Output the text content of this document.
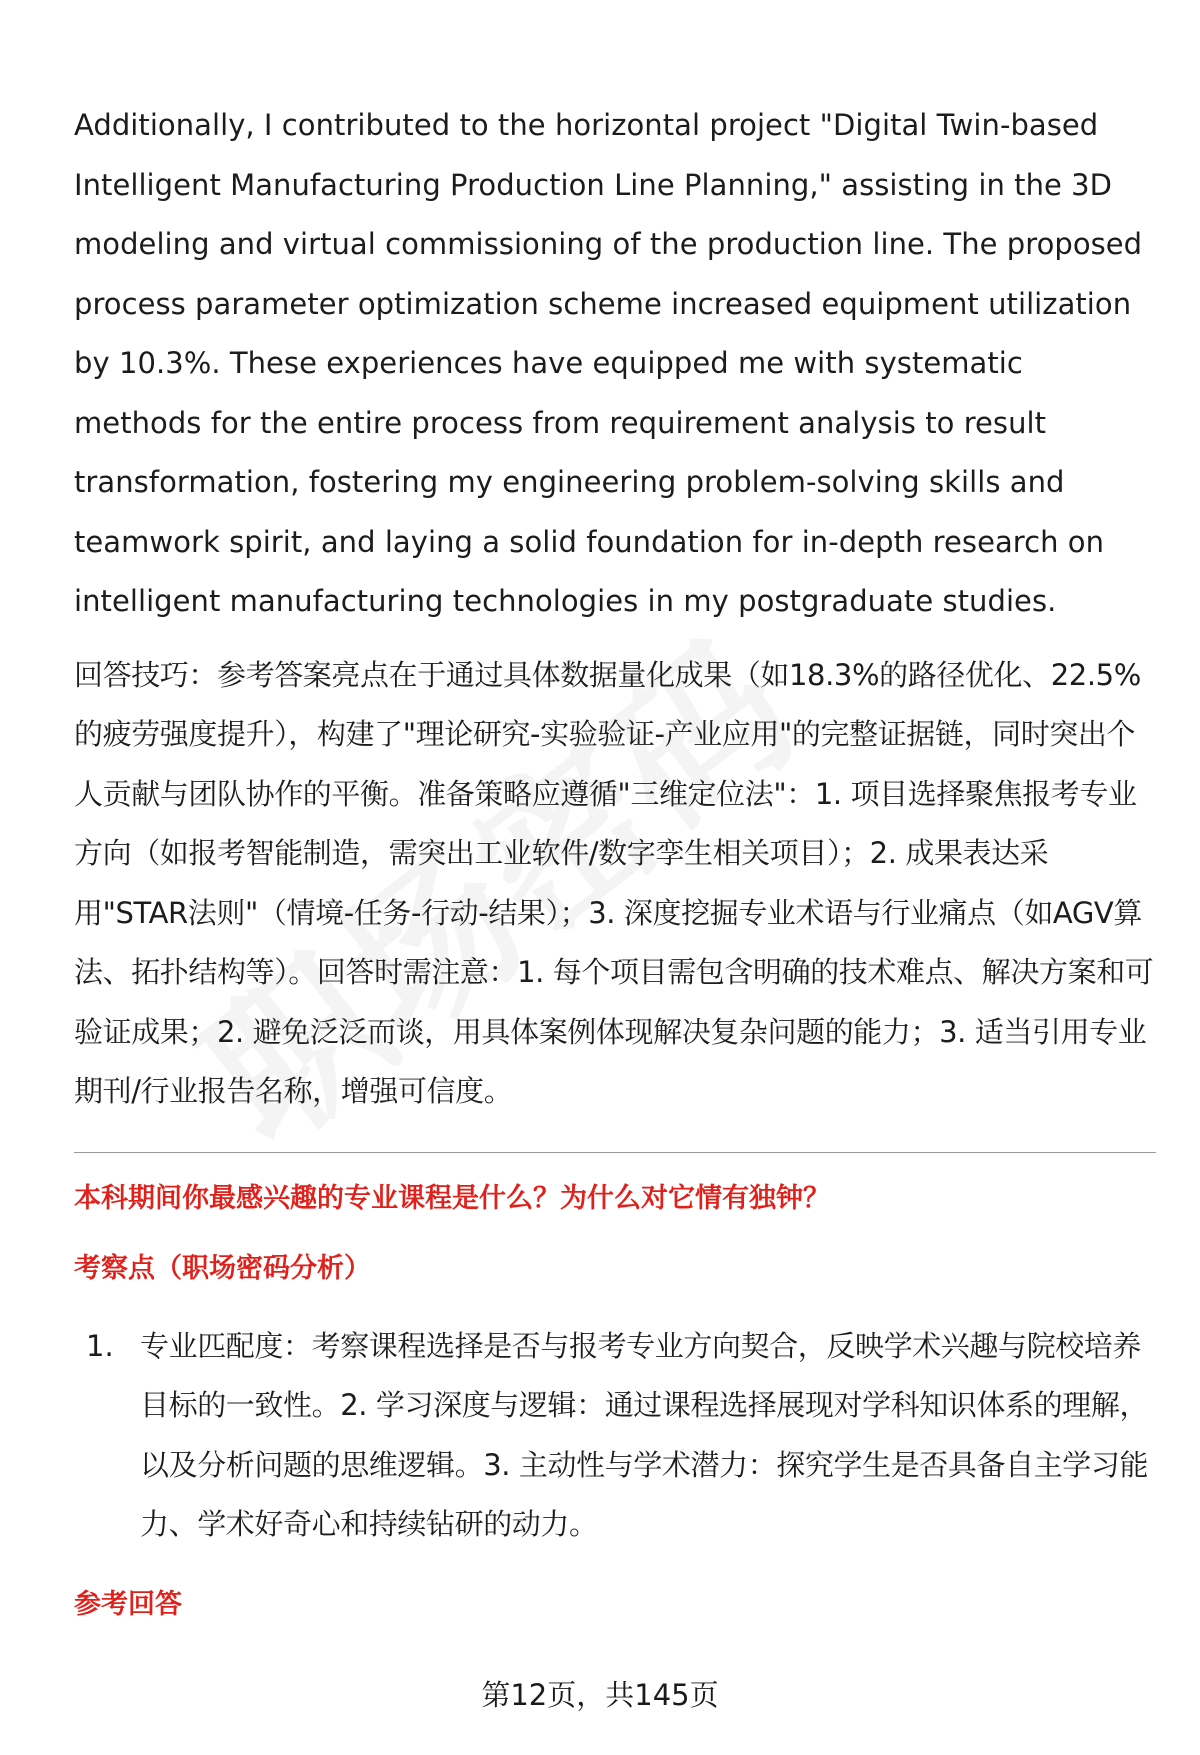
Additionally, I contributed to the horizontal project "Digital Twin-based Intelligent Manufacturing Production Line Planning," assisting in the 3D modeling and virtual commissioning of the production line. The proposed process parameter optimization scheme increased equipment utilization by 10.3%. These experiences have equipped me with systematic methods for the entire process from requirement analysis to result transformation, fostering my engineering problem-solving skills and teamwork spirit, and laying a solid foundation for in-depth research on intelligent manufacturing technologies in my postgraduate studies.

回答技巧：参考答案亮点在于通过具体数据量化成果（如18.3%的路径优化、22.5%的疲劳强度提升），构建了"理论研究-实验验证-产业应用"的完整证据链，同时突出个人贡献与团队协作的平衡。准备策略应遵循"三维定位法"：1. 项目选择聚焦报考专业方向（如报考智能制造，需突出工业软件/数字孪生相关项目）；2. 成果表达采用"STAR法则"（情境-任务-行动-结果）；3. 深度挖掘专业术语与行业痛点（如AGV算法、拓扑结构等）。回答时需注意：1. 每个项目需包含明确的技术难点、解决方案和可验证成果；2. 避免泛泛而谈，用具体案例体现解决复杂问题的能力；3. 适当引用专业期刊/行业报告名称，增强可信度。

本科期间你最感兴趣的专业课程是什么？为什么对它情有独钟？
考察点（职场密码分析）
1. 专业匹配度：考察课程选择是否与报考专业方向契合，反映学术兴趣与院校培养目标的一致性。2. 学习深度与逻辑：通过课程选择展现对学科知识体系的理解，以及分析问题的思维逻辑。3. 主动性与学术潜力：探究学生是否具备自主学习能力、学术好奇心和持续钻研的动力。
参考回答
第12页，共145页
